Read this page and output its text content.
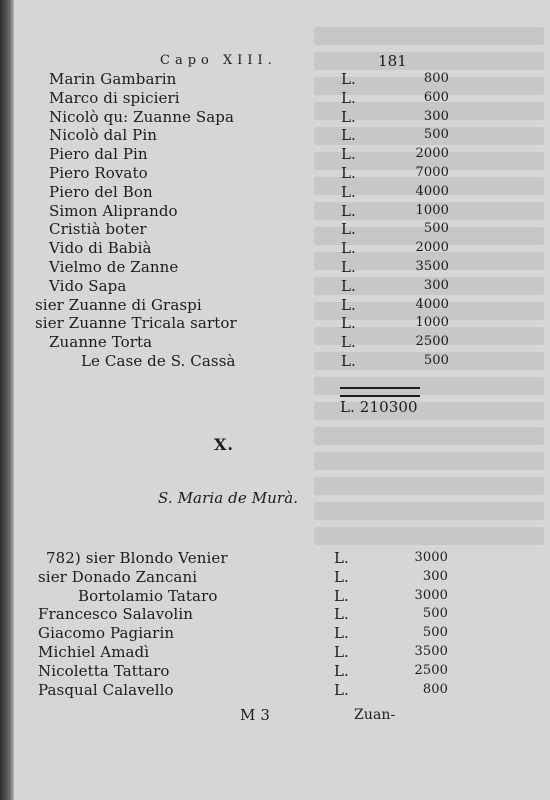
Capo XIII.	181
Marin Gambarin	L.	800
Marco di spicieri	L.	600
Nicolò qu: Zuanne Sapa	L.	300
Nicolò dal Pin	L.	500
Piero dal Pin	L.	2000
Piero Rovato	L.	7000
Piero del Bon	L.	4000
Simon Aliprando	L.	1000
Cristià boter	L.	500
Vido di Babià	L.	2000
Vielmo de Zanne	L.	3500
Vido Sapa	L.	300
sier Zuanne di Graspi	L.	4000
sier Zuanne Tricala sartor	L.	1000
Zuanne Torta	L.	2500
Le Case de S. Cassà	L.	500
L. 210300
X.
S. Maria de Murà.
782) sier Blondo Venier	L.	3000
sier Donado Zancani	L.	300
Bortolamio Tataro	L.	3000
Francesco Salavolin	L.	500
Giacomo Pagiarin	L.	500
Michiel Amadì	L.	3500
Nicoletta Tattaro	L.	2500
Pasqual Calavello	L.	800
M 3	Zuan-
